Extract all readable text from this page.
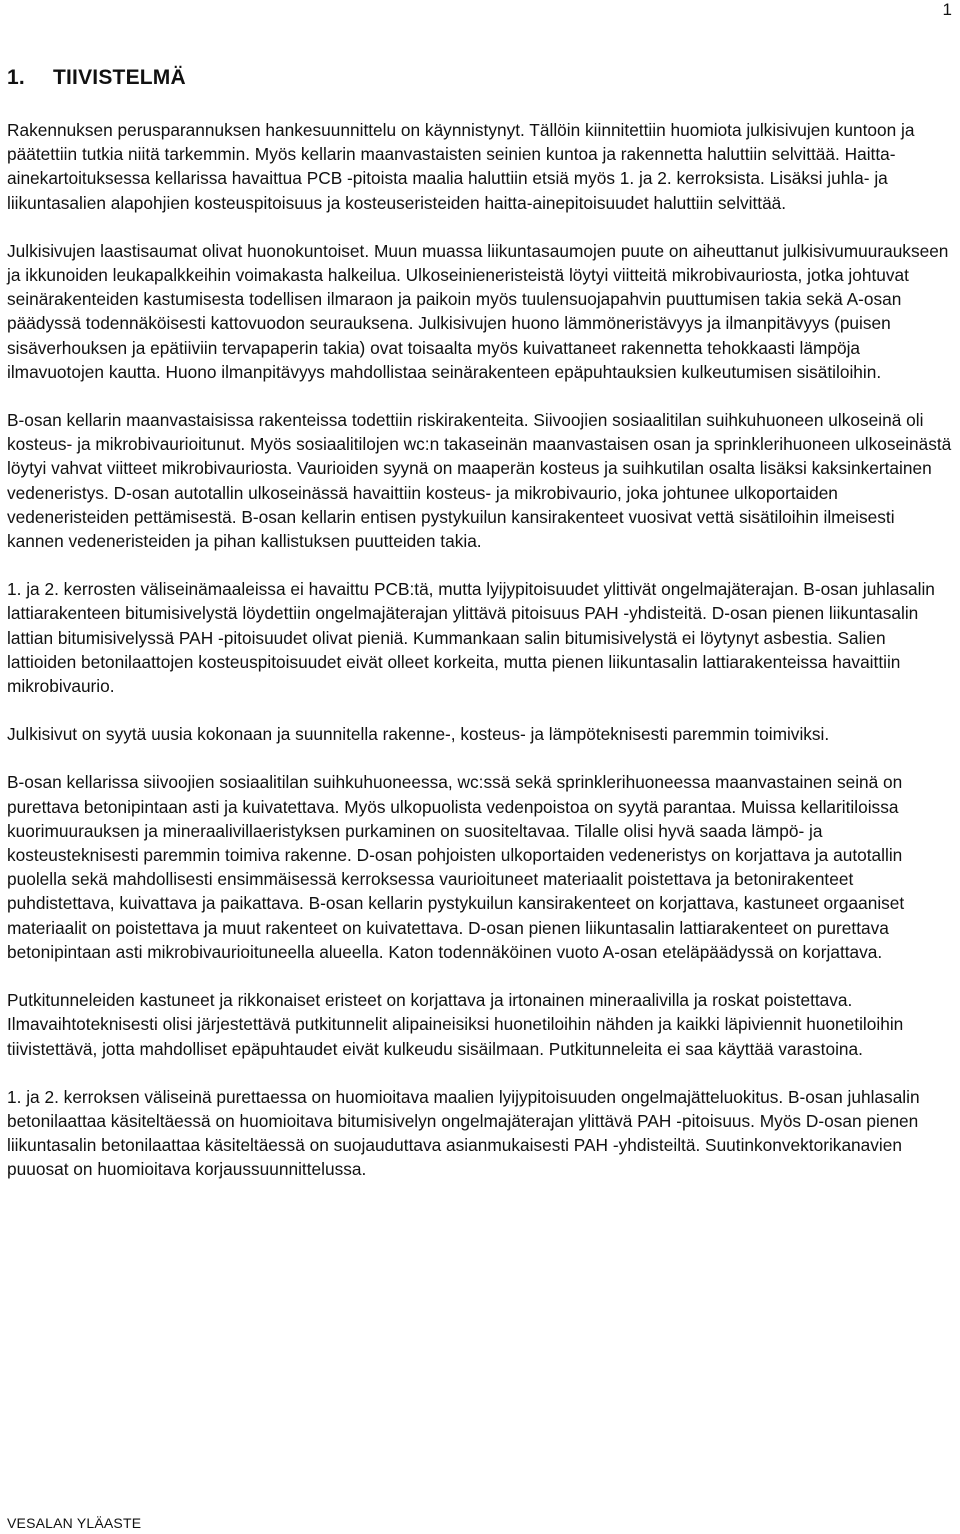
1
1. TIIVISTELMÄ

Rakennuksen perusparannuksen hankesuunnittelu on käynnistynyt. Tällöin kiinnitettiin huomiota julkisivujen kuntoon ja päätettiin tutkia niitä tarkemmin. Myös kellarin maanvastaisten seinien kuntoa ja rakennetta haluttiin selvittää. Haitta-ainekartoituksessa kellarissa havaittua PCB -pitoista maalia haluttiin etsiä myös 1. ja 2. kerroksista. Lisäksi juhla- ja liikuntasalien alapohjien kosteuspitoisuus ja kosteuseristeiden haitta-ainepitoisuudet haluttiin selvittää.

Julkisivujen laastisaumat olivat huonokuntoiset. Muun muassa liikuntasaumojen puute on aiheuttanut julkisivumuuraukseen ja ikkunoiden leukapalkkeihin voimakasta halkeilua. Ulkoseinieneristeistä löytyi viitteitä mikrobivauriosta, jotka johtuvat seinärakenteiden kastumisesta todellisen ilmaraon ja paikoin myös tuulensuojapahvin puuttumisen takia sekä A-osan päädyssä todennäköisesti kattovuodon seurauksena. Julkisivujen huono lämmöneristävyys ja ilmanpitävyys (puisen sisäverhouksen ja epätiiviin tervapaperin takia) ovat toisaalta myös kuivattaneet rakennetta tehokkaasti lämpöja ilmavuotojen kautta. Huono ilmanpitävyys mahdollistaa seinärakenteen epäpuhtauksien kulkeutumisen sisätiloihin.

B-osan kellarin maanvastaisissa rakenteissa todettiin riskirakenteita. Siivoojien sosiaalitilan suihkuhuoneen ulkoseinä oli kosteus- ja mikrobivaurioitunut. Myös sosiaalitilojen wc:n takaseinän maanvastaisen osan ja sprinklerihuoneen ulkoseinästä löytyi vahvat viitteet mikrobivauriosta. Vaurioiden syynä on maaperän kosteus ja suihkutilan osalta lisäksi kaksinkertainen vedeneristys. D-osan autotallin ulkoseinässä havaittiin kosteus- ja mikrobivaurio, joka johtunee ulkoportaiden vedeneristeiden pettämisestä. B-osan kellarin entisen pystykuilun kansirakenteet vuosivat vettä sisätiloihin ilmeisesti kannen vedeneristeiden ja pihan kallistuksen puutteiden takia.

1. ja 2. kerrosten väliseinämaaleissa ei havaittu PCB:tä, mutta lyijypitoisuudet ylittivät ongelmajäterajan. B-osan juhlasalin lattiarakenteen bitumisivelystä löydettiin ongelmajäterajan ylittävä pitoisuus PAH -yhdisteitä. D-osan pienen liikuntasalin lattian bitumisivelyssä PAH -pitoisuudet olivat pieniä. Kummankaan salin bitumisivelystä ei löytynyt asbestia. Salien lattioiden betonilaattojen kosteuspitoisuudet eivät olleet korkeita, mutta pienen liikuntasalin lattiarakenteissa havaittiin mikrobivaurio.

Julkisivut on syytä uusia kokonaan ja suunnitella rakenne-, kosteus- ja lämpöteknisesti paremmin toimiviksi.

B-osan kellarissa siivoojien sosiaalitilan suihkuhuoneessa, wc:ssä sekä sprinklerihuoneessa maanvastainen seinä on purettava betonipintaan asti ja kuivatettava. Myös ulkopuolista vedenpoistoa on syytä parantaa. Muissa kellaritiloissa kuorimuurauksen ja mineraalivillaeristyksen purkaminen on suositeltavaa. Tilalle olisi hyvä saada lämpö- ja kosteusteknisesti paremmin toimiva rakenne. D-osan pohjoisten ulkoportaiden vedeneristys on korjattava ja autotallin puolella sekä mahdollisesti ensimmäisessä kerroksessa vaurioituneet materiaalit poistettava ja betonirakenteet puhdistettava, kuivattava ja paikattava. B-osan kellarin pystykuilun kansirakenteet on korjattava, kastuneet orgaaniset materiaalit on poistettava ja muut rakenteet on kuivatettava. D-osan pienen liikuntasalin lattiarakenteet on purettava betonipintaan asti mikrobivaurioituneella alueella. Katon todennäköinen vuoto A-osan eteläpäädyssä on korjattava.

Putkitunneleiden kastuneet ja rikkonaiset eristeet on korjattava ja irtonainen mineraalivilla ja roskat poistettava. Ilmavaihtoteknisesti olisi järjestettävä putkitunnelit alipaineisiksi huonetiloihin nähden ja kaikki läpiviennit huonetiloihin tiivistettävä, jotta mahdolliset epäpuhtaudet eivät kulkeudu sisäilmaan. Putkitunneleita ei saa käyttää varastoina.

1. ja 2. kerroksen väliseinä purettaessa on huomioitava maalien lyijypitoisuuden ongelmajätteluokitus. B-osan juhlasalin betonilaattaa käsiteltäessä on huomioitava bitumisivelyn ongelmajäterajan ylittävä PAH -pitoisuus. Myös D-osan pienen liikuntasalin betonilaattaa käsiteltäessä on suojauduttava asianmukaisesti PAH -yhdisteiltä. Suutinkonvektorikanavien puuosat on huomioitava korjaussuunnittelussa.

VESALAN YLÄASTE
